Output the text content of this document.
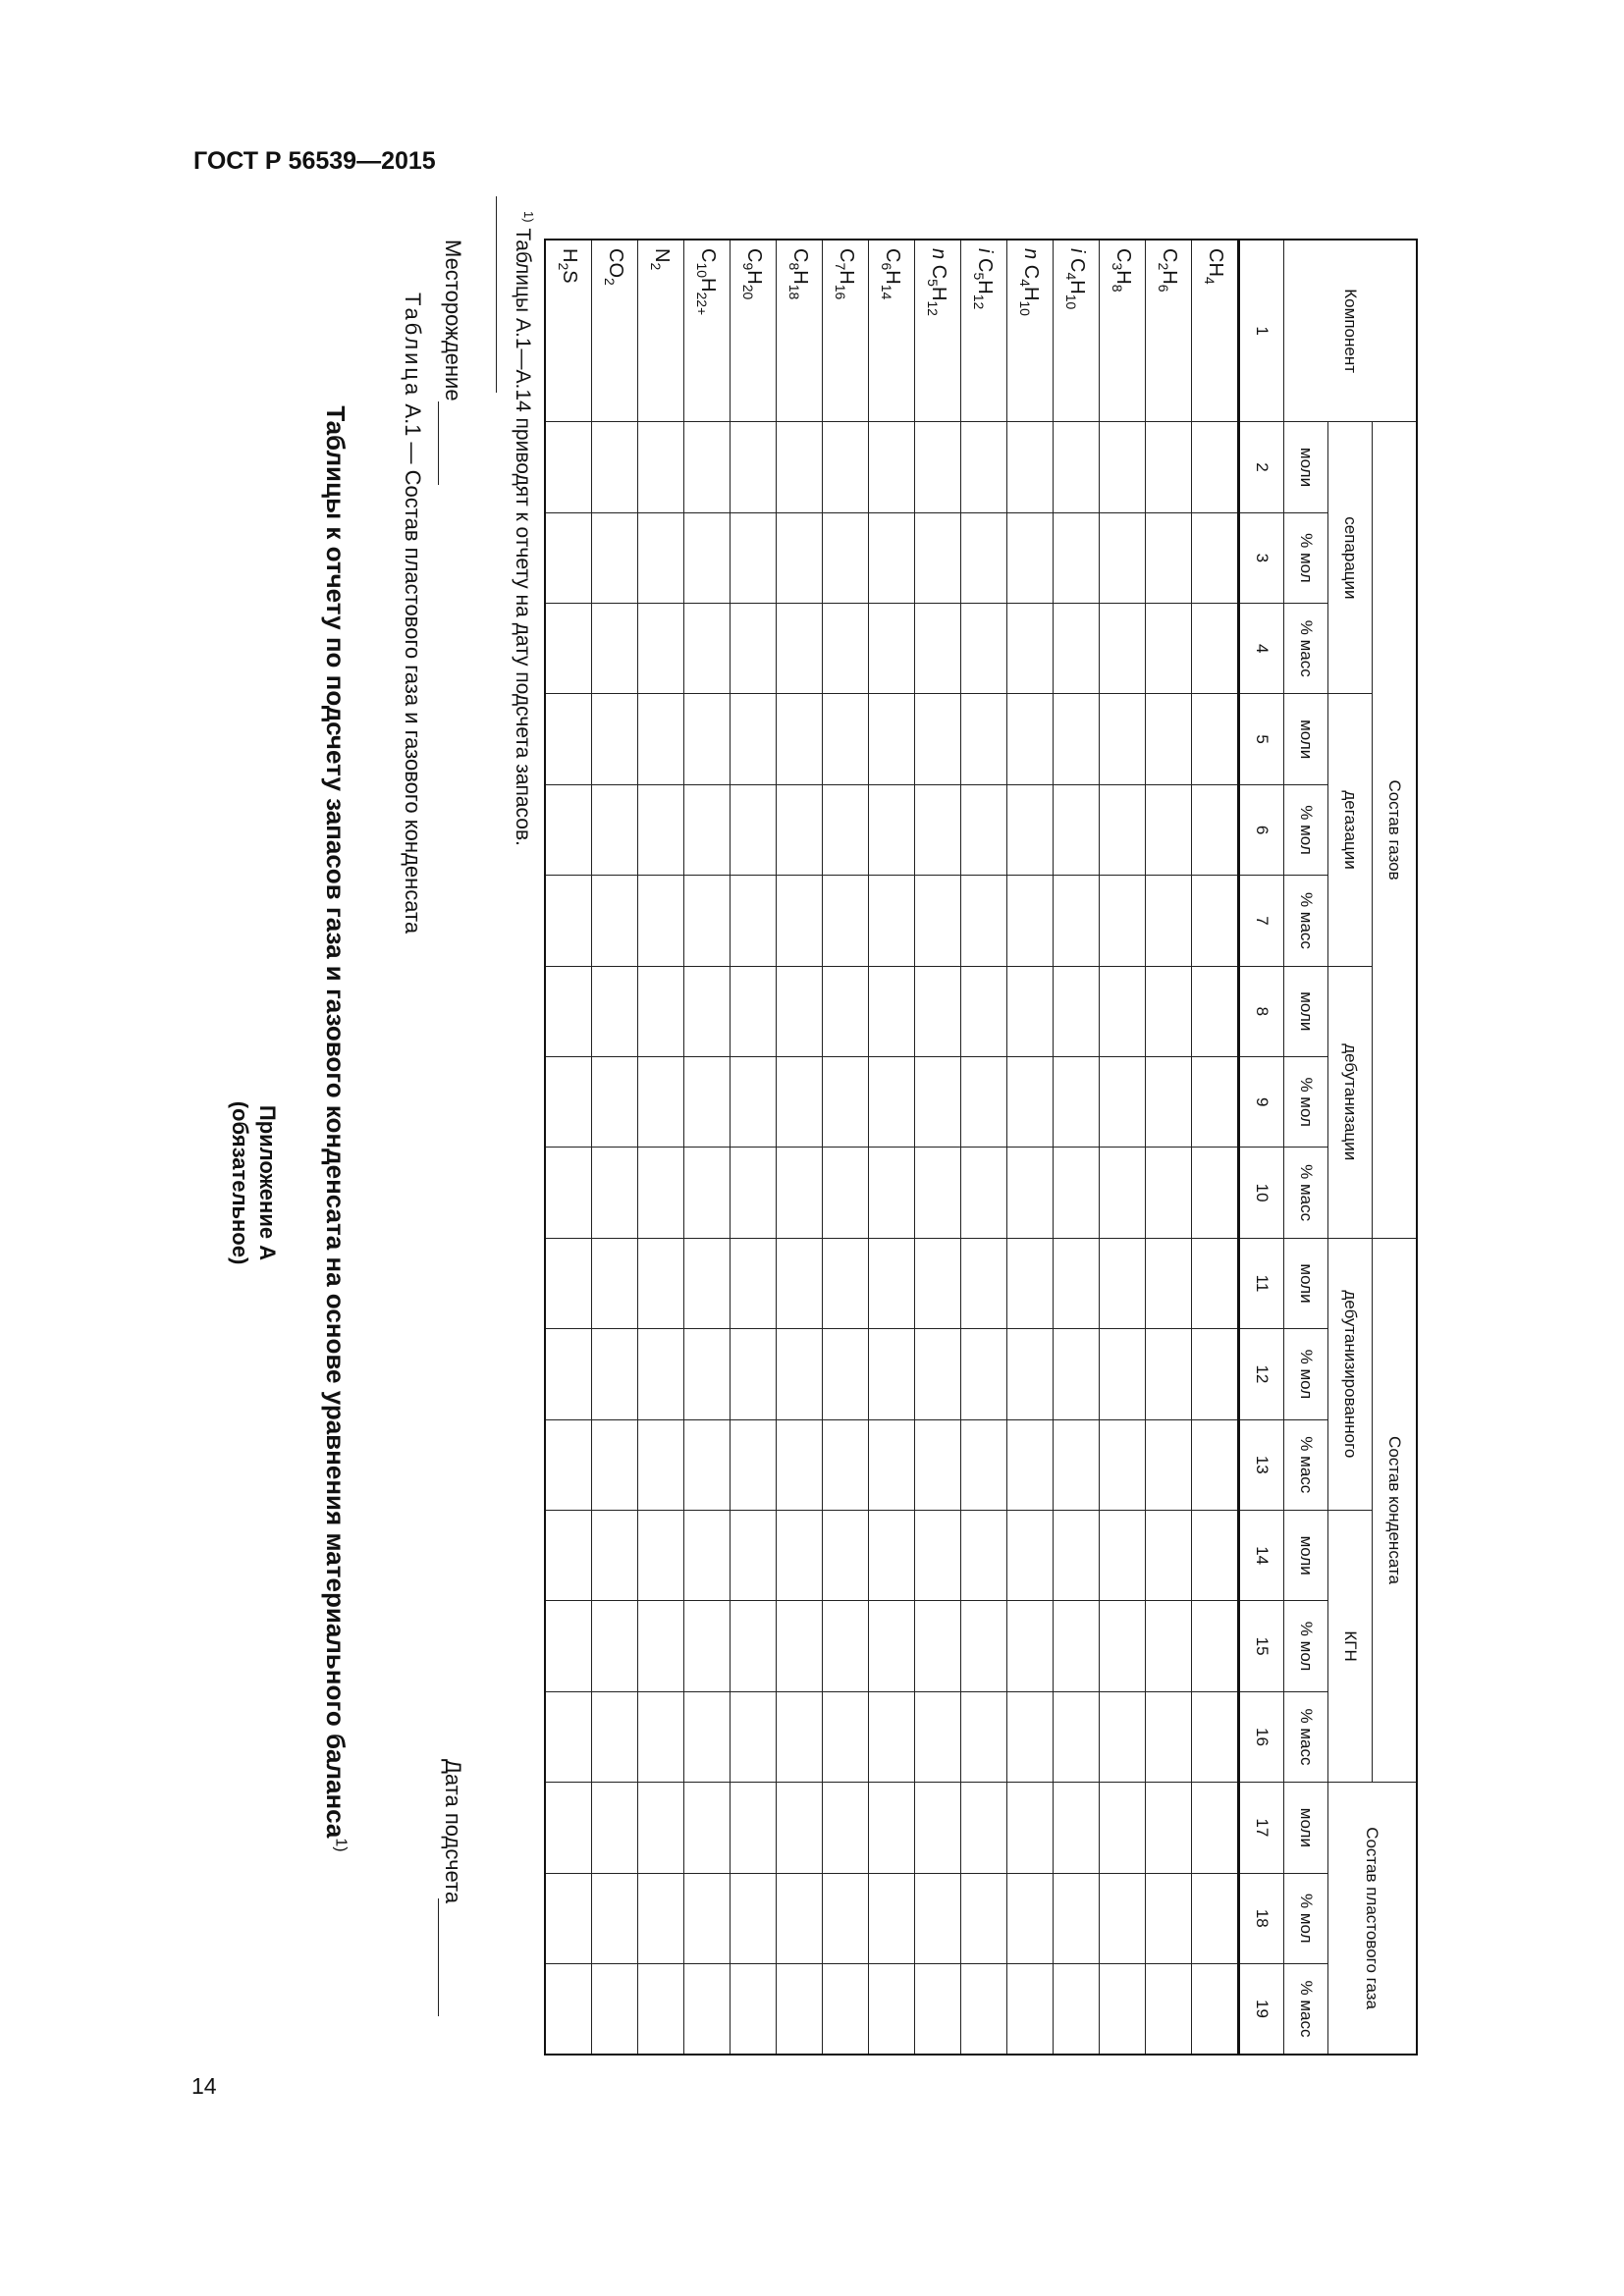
ГОСТ Р 56539—2015
14
Приложение А
(обязательное)	Таблицы к отчету по подсчету запасов газа и газового конденсата на основе уравнения материального баланса$^{1)}$
Таблица А.1 — Состав пластового газа и газового конденсата
Месторождение
Дата подсчета
Компонент	Состав газов									Состав конденсата						Состав пластового газа		
	сепарации			дегазации			дебутанизации			дебутанизированного			КГН					
	моли	% мол	% масс	моли	% мол	% масс	моли	% мол	% масс	моли	% мол	% масс	моли	% мол	% масс	моли	% мол	% масс
1	2	3	4	5	6	7	8	9	10	11	12	13	14	15	16	17	18	19
$CH_4$																		
$C_2H_6$																		
$C_3H_8$																		
i $C_4H_{10}$																		
n $C_4H_{10}$																		
i $C_5H_{12}$																		
n $C_5H_{12}$																		
$C_6H_{14}$																		
$C_7H_{16}$																		
$C_8H_{18}$																		
$C_9H_{20}$																		
$C_{10}H_{22+}$																		
$N_2$																		
$CO_2$																		
$H_2S$																		
$^{1)}$ Таблицы А.1—А.14 приводят к отчету на дату подсчета запасов.
